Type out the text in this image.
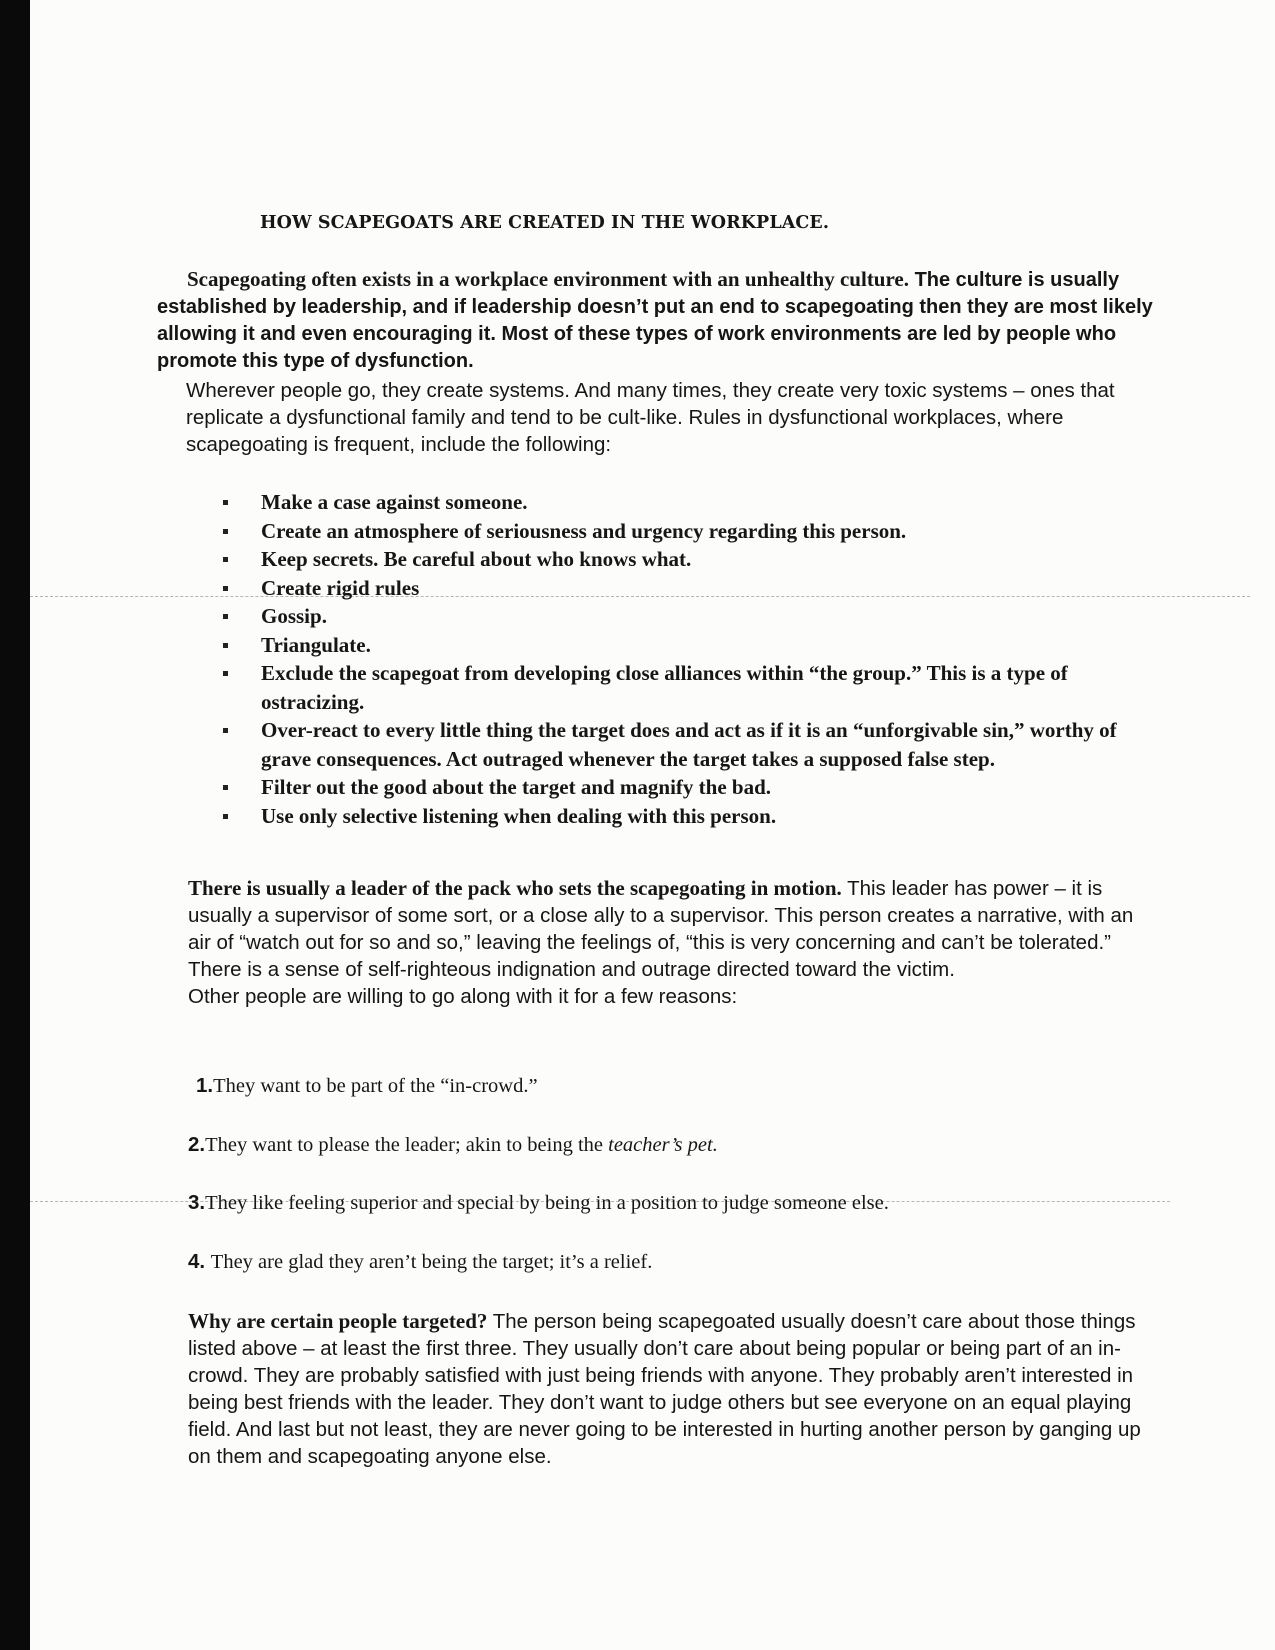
HOW SCAPEGOATS ARE CREATED IN THE WORKPLACE.
Scapegoating often exists in a workplace environment with an unhealthy culture. The culture is usually established by leadership, and if leadership doesn’t put an end to scapegoating then they are most likely allowing it and even encouraging it. Most of these types of work environments are led by people who promote this type of dysfunction.
Wherever people go, they create systems. And many times, they create very toxic systems – ones that replicate a dysfunctional family and tend to be cult-like. Rules in dysfunctional workplaces, where scapegoating is frequent, include the following:
Make a case against someone.
Create an atmosphere of seriousness and urgency regarding this person.
Keep secrets. Be careful about who knows what.
Create rigid rules
Gossip.
Triangulate.
Exclude the scapegoat from developing close alliances within “the group.” This is a type of ostracizing.
Over-react to every little thing the target does and act as if it is an “unforgivable sin,” worthy of grave consequences. Act outraged whenever the target takes a supposed false step.
Filter out the good about the target and magnify the bad.
Use only selective listening when dealing with this person.
There is usually a leader of the pack who sets the scapegoating in motion. This leader has power – it is usually a supervisor of some sort, or a close ally to a supervisor. This person creates a narrative, with an air of “watch out for so and so,” leaving the feelings of, “this is very concerning and can’t be tolerated.” There is a sense of self-righteous indignation and outrage directed toward the victim.
Other people are willing to go along with it for a few reasons:
1.They want to be part of the “in-crowd.”
2.They want to please the leader; akin to being the teacher’s pet.
3.They like feeling superior and special by being in a position to judge someone else.
4. They are glad they aren’t being the target; it’s a relief.
Why are certain people targeted? The person being scapegoated usually doesn’t care about those things listed above – at least the first three. They usually don’t care about being popular or being part of an in-crowd. They are probably satisfied with just being friends with anyone. They probably aren’t interested in being best friends with the leader. They don’t want to judge others but see everyone on an equal playing field. And last but not least, they are never going to be interested in hurting another person by ganging up on them and scapegoating anyone else.
